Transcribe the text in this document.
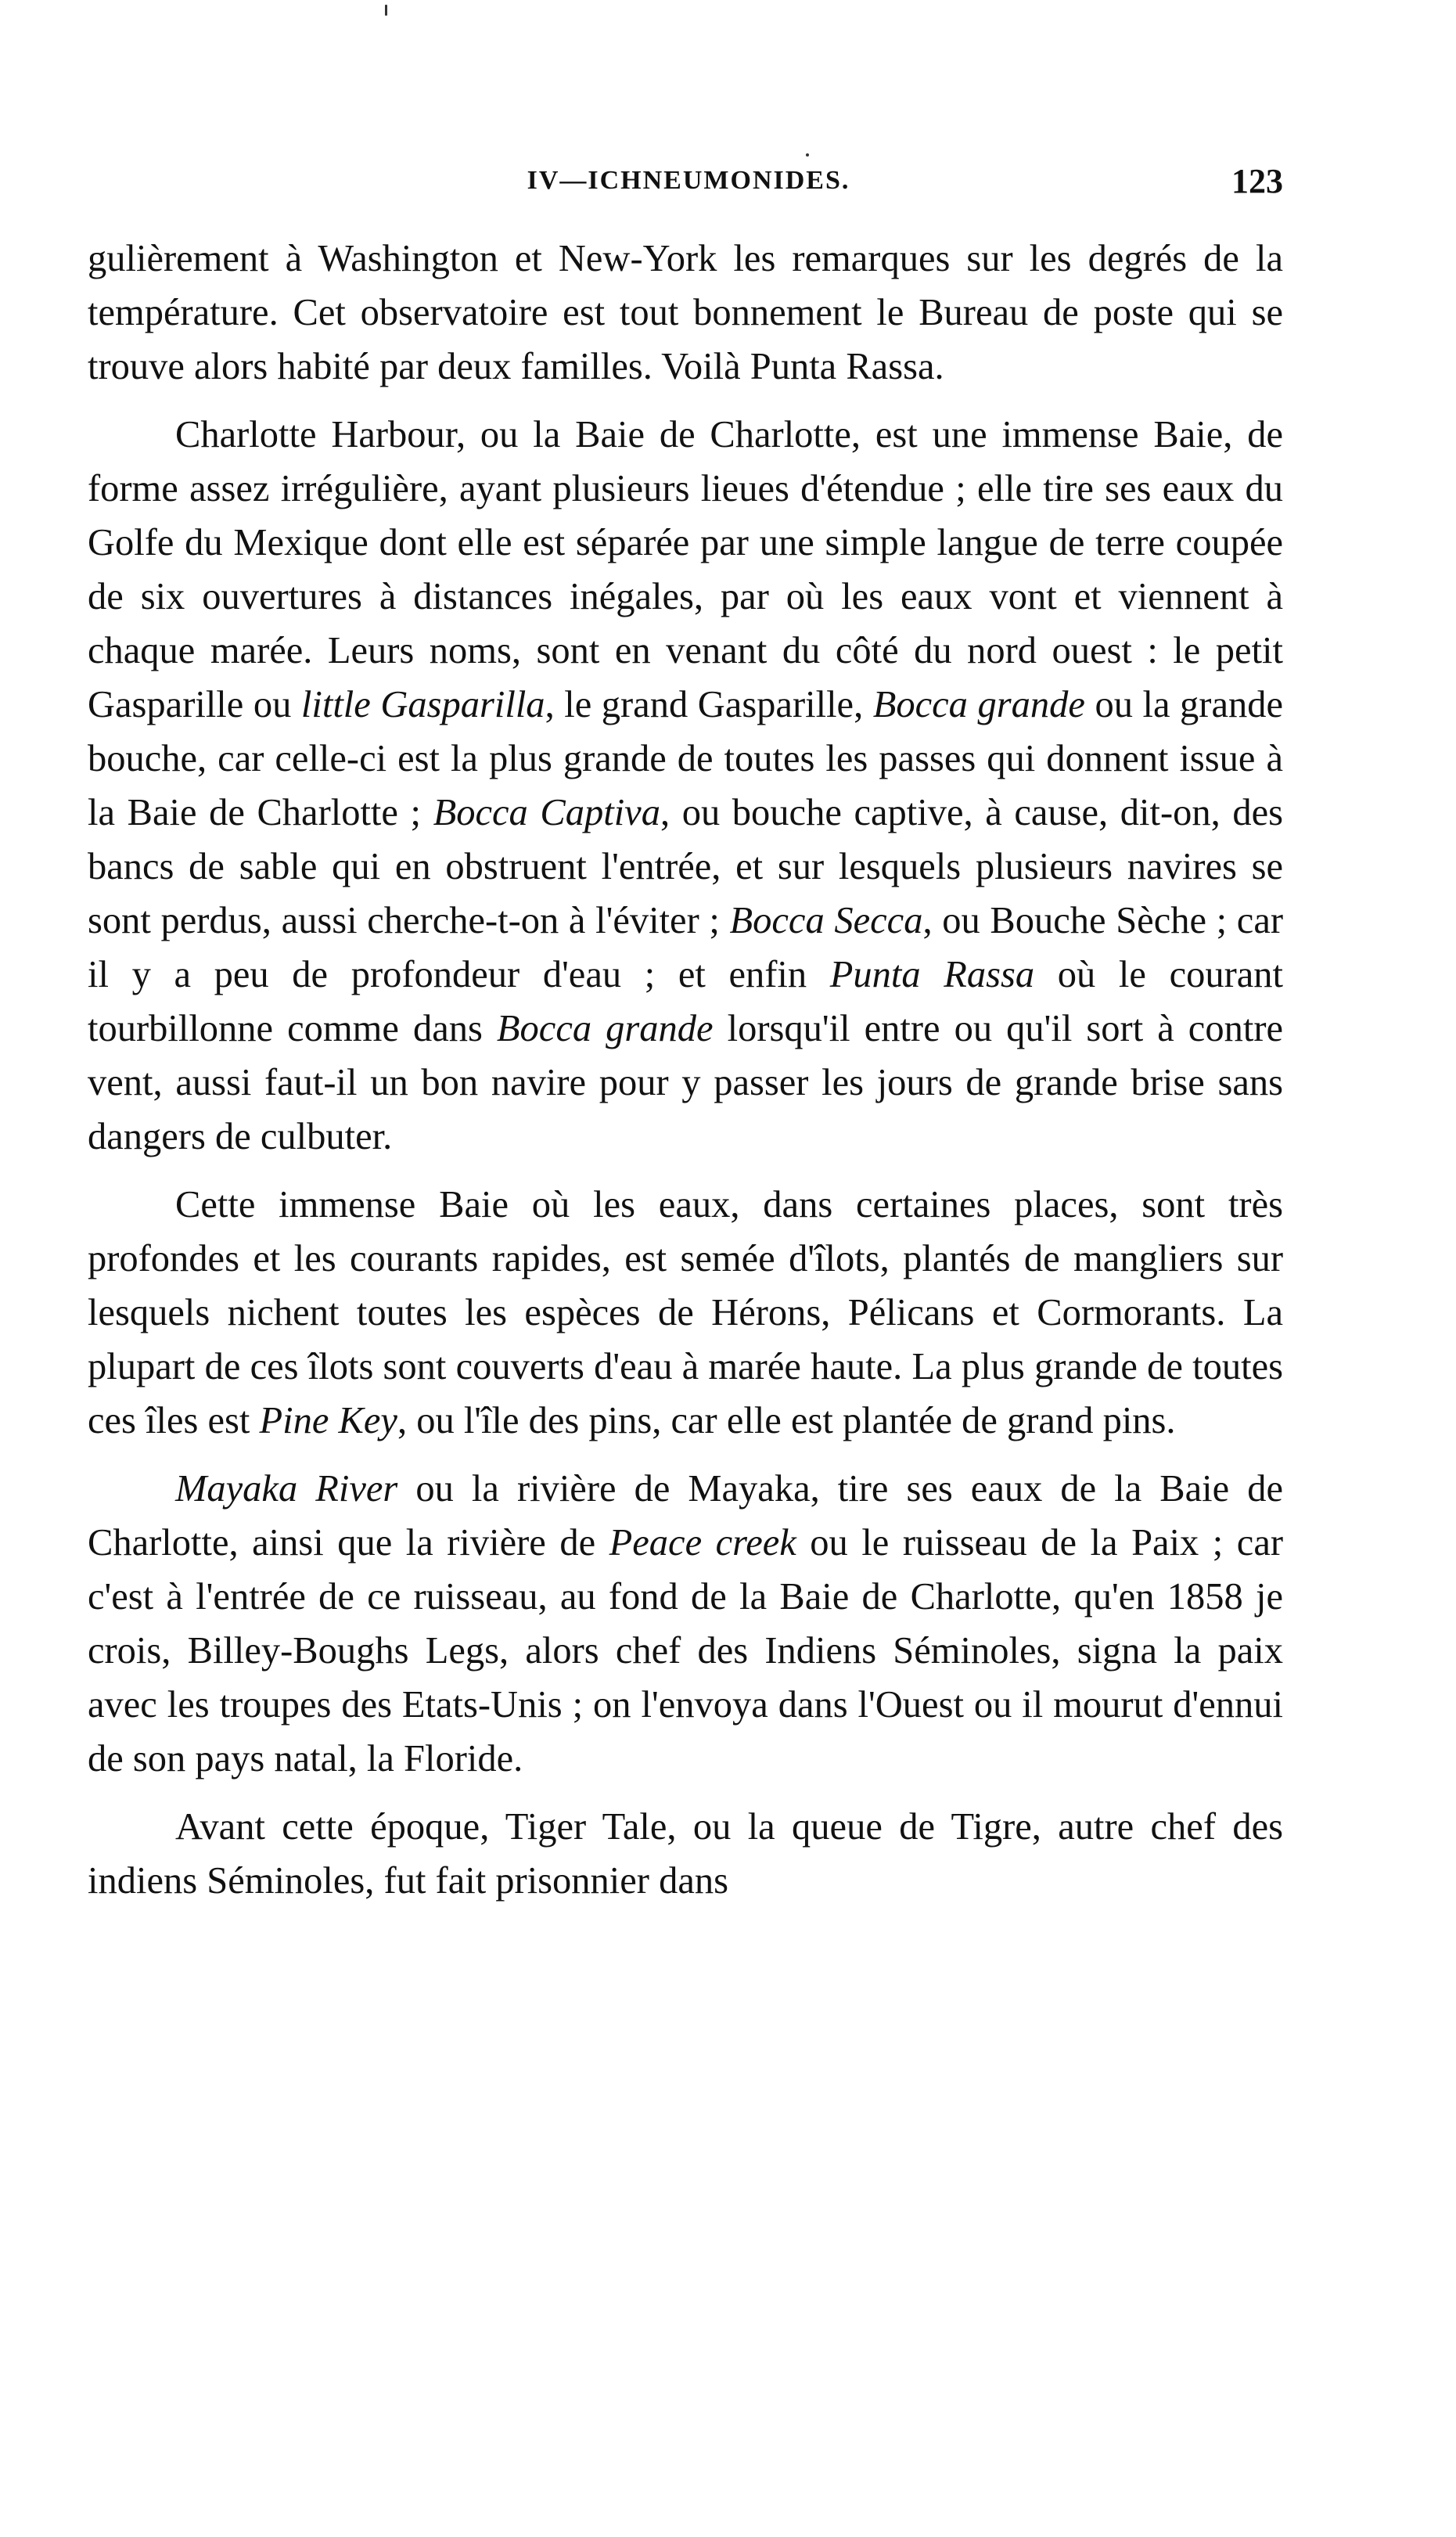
IV—ICHNEUMONIDES.	123

gulièrement à Washington et New-York les remarques sur les degrés de la température. Cet observatoire est tout bonnement le Bureau de poste qui se trouve alors habité par deux familles. Voilà Punta Rassa.

Charlotte Harbour, ou la Baie de Charlotte, est une immense Baie, de forme assez irrégulière, ayant plusieurs lieues d'étendue ; elle tire ses eaux du Golfe du Mexique dont elle est séparée par une simple langue de terre coupée de six ouvertures à distances inégales, par où les eaux vont et viennent à chaque marée. Leurs noms, sont en venant du côté du nord ouest : le petit Gasparille ou little Gasparilla, le grand Gasparille, Bocca grande ou la grande bouche, car celle-ci est la plus grande de toutes les passes qui donnent issue à la Baie de Charlotte ; Bocca Captiva, ou bouche captive, à cause, dit-on, des bancs de sable qui en obstruent l'entrée, et sur lesquels plusieurs navires se sont perdus, aussi cherche-t-on à l'éviter ; Bocca Secca, ou Bouche Sèche ; car il y a peu de profondeur d'eau ; et enfin Punta Rassa où le courant tourbillonne comme dans Bocca grande lorsqu'il entre ou qu'il sort à contre vent, aussi faut-il un bon navire pour y passer les jours de grande brise sans dangers de culbuter.

Cette immense Baie où les eaux, dans certaines places, sont très profondes et les courants rapides, est semée d'îlots, plantés de mangliers sur lesquels nichent toutes les espèces de Hérons, Pélicans et Cormorants. La plupart de ces îlots sont couverts d'eau à marée haute. La plus grande de toutes ces îles est Pine Key, ou l'île des pins, car elle est plantée de grand pins.

Mayaka River ou la rivière de Mayaka, tire ses eaux de la Baie de Charlotte, ainsi que la rivière de Peace creek ou le ruisseau de la Paix ; car c'est à l'entrée de ce ruisseau, au fond de la Baie de Charlotte, qu'en 1858 je crois, Billey-Boughs Legs, alors chef des Indiens Séminoles, signa la paix avec les troupes des Etats-Unis ; on l'envoya dans l'Ouest ou il mourut d'ennui de son pays natal, la Floride.

Avant cette époque, Tiger Tale, ou la queue de Tigre, autre chef des indiens Séminoles, fut fait prisonnier dans
